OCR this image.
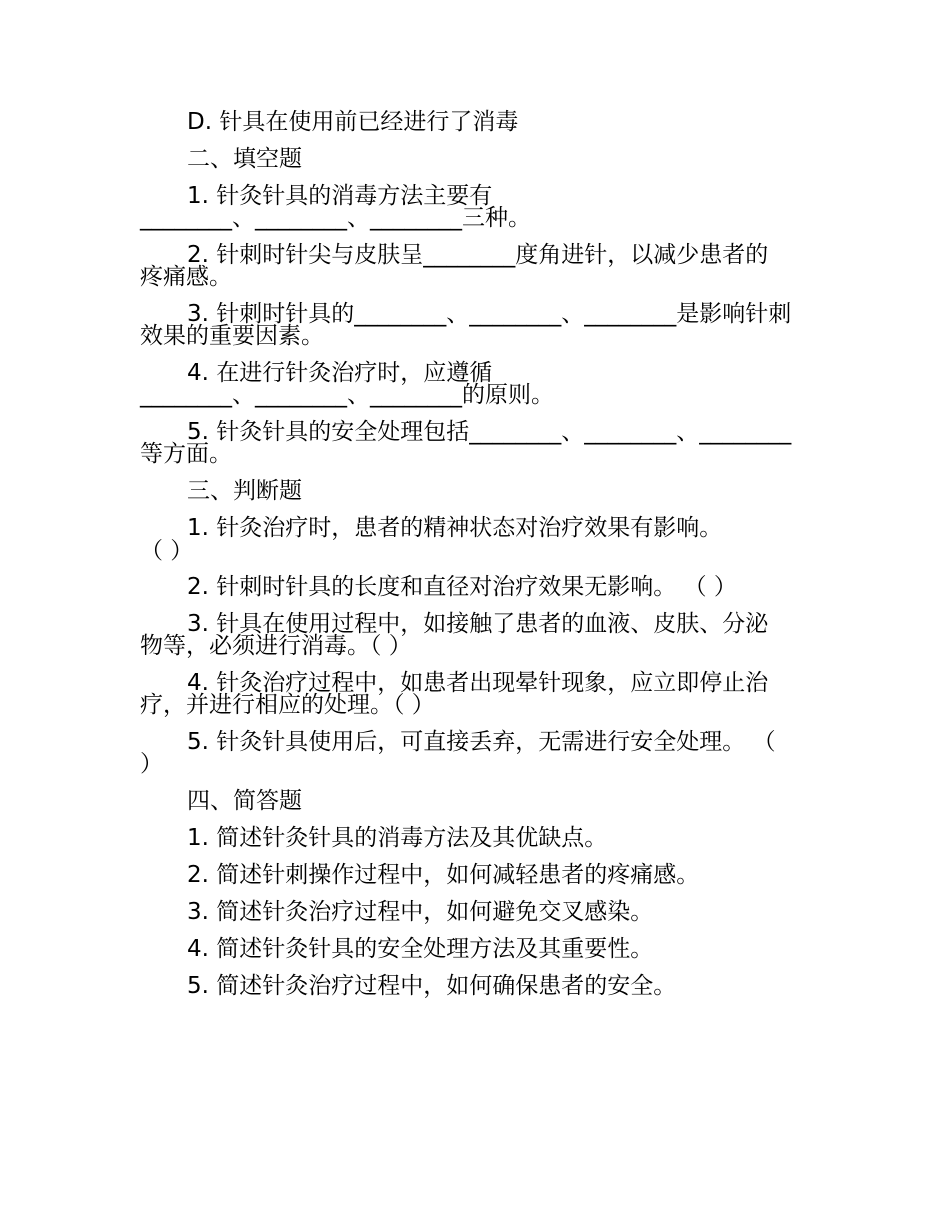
D. 针具在使用前已经进行了消毒

二、填空题

1. 针灸针具的消毒方法主要有

________、________、________三种。

2. 针刺时针尖与皮肤呈________度角进针，以减少患者的

疼痛感。

3. 针刺时针具的________、________、________是影响针刺

效果的重要因素。

4. 在进行针灸治疗时，应遵循

________、________、________的原则。

5. 针灸针具的安全处理包括________、________、________

等方面。

三、判断题

1. 针灸治疗时，患者的精神状态对治疗效果有影响。

（ ）

2. 针刺时针具的长度和直径对治疗效果无影响。 （ ）

3. 针具在使用过程中，如接触了患者的血液、皮肤、分泌

物等，必须进行消毒。（ ）

4. 针灸治疗过程中，如患者出现晕针现象，应立即停止治

疗，并进行相应的处理。（ ）

5. 针灸针具使用后，可直接丢弃，无需进行安全处理。 （

）

四、简答题

1. 简述针灸针具的消毒方法及其优缺点。

2. 简述针刺操作过程中，如何减轻患者的疼痛感。

3. 简述针灸治疗过程中，如何避免交叉感染。

4. 简述针灸针具的安全处理方法及其重要性。

5. 简述针灸治疗过程中，如何确保患者的安全。
